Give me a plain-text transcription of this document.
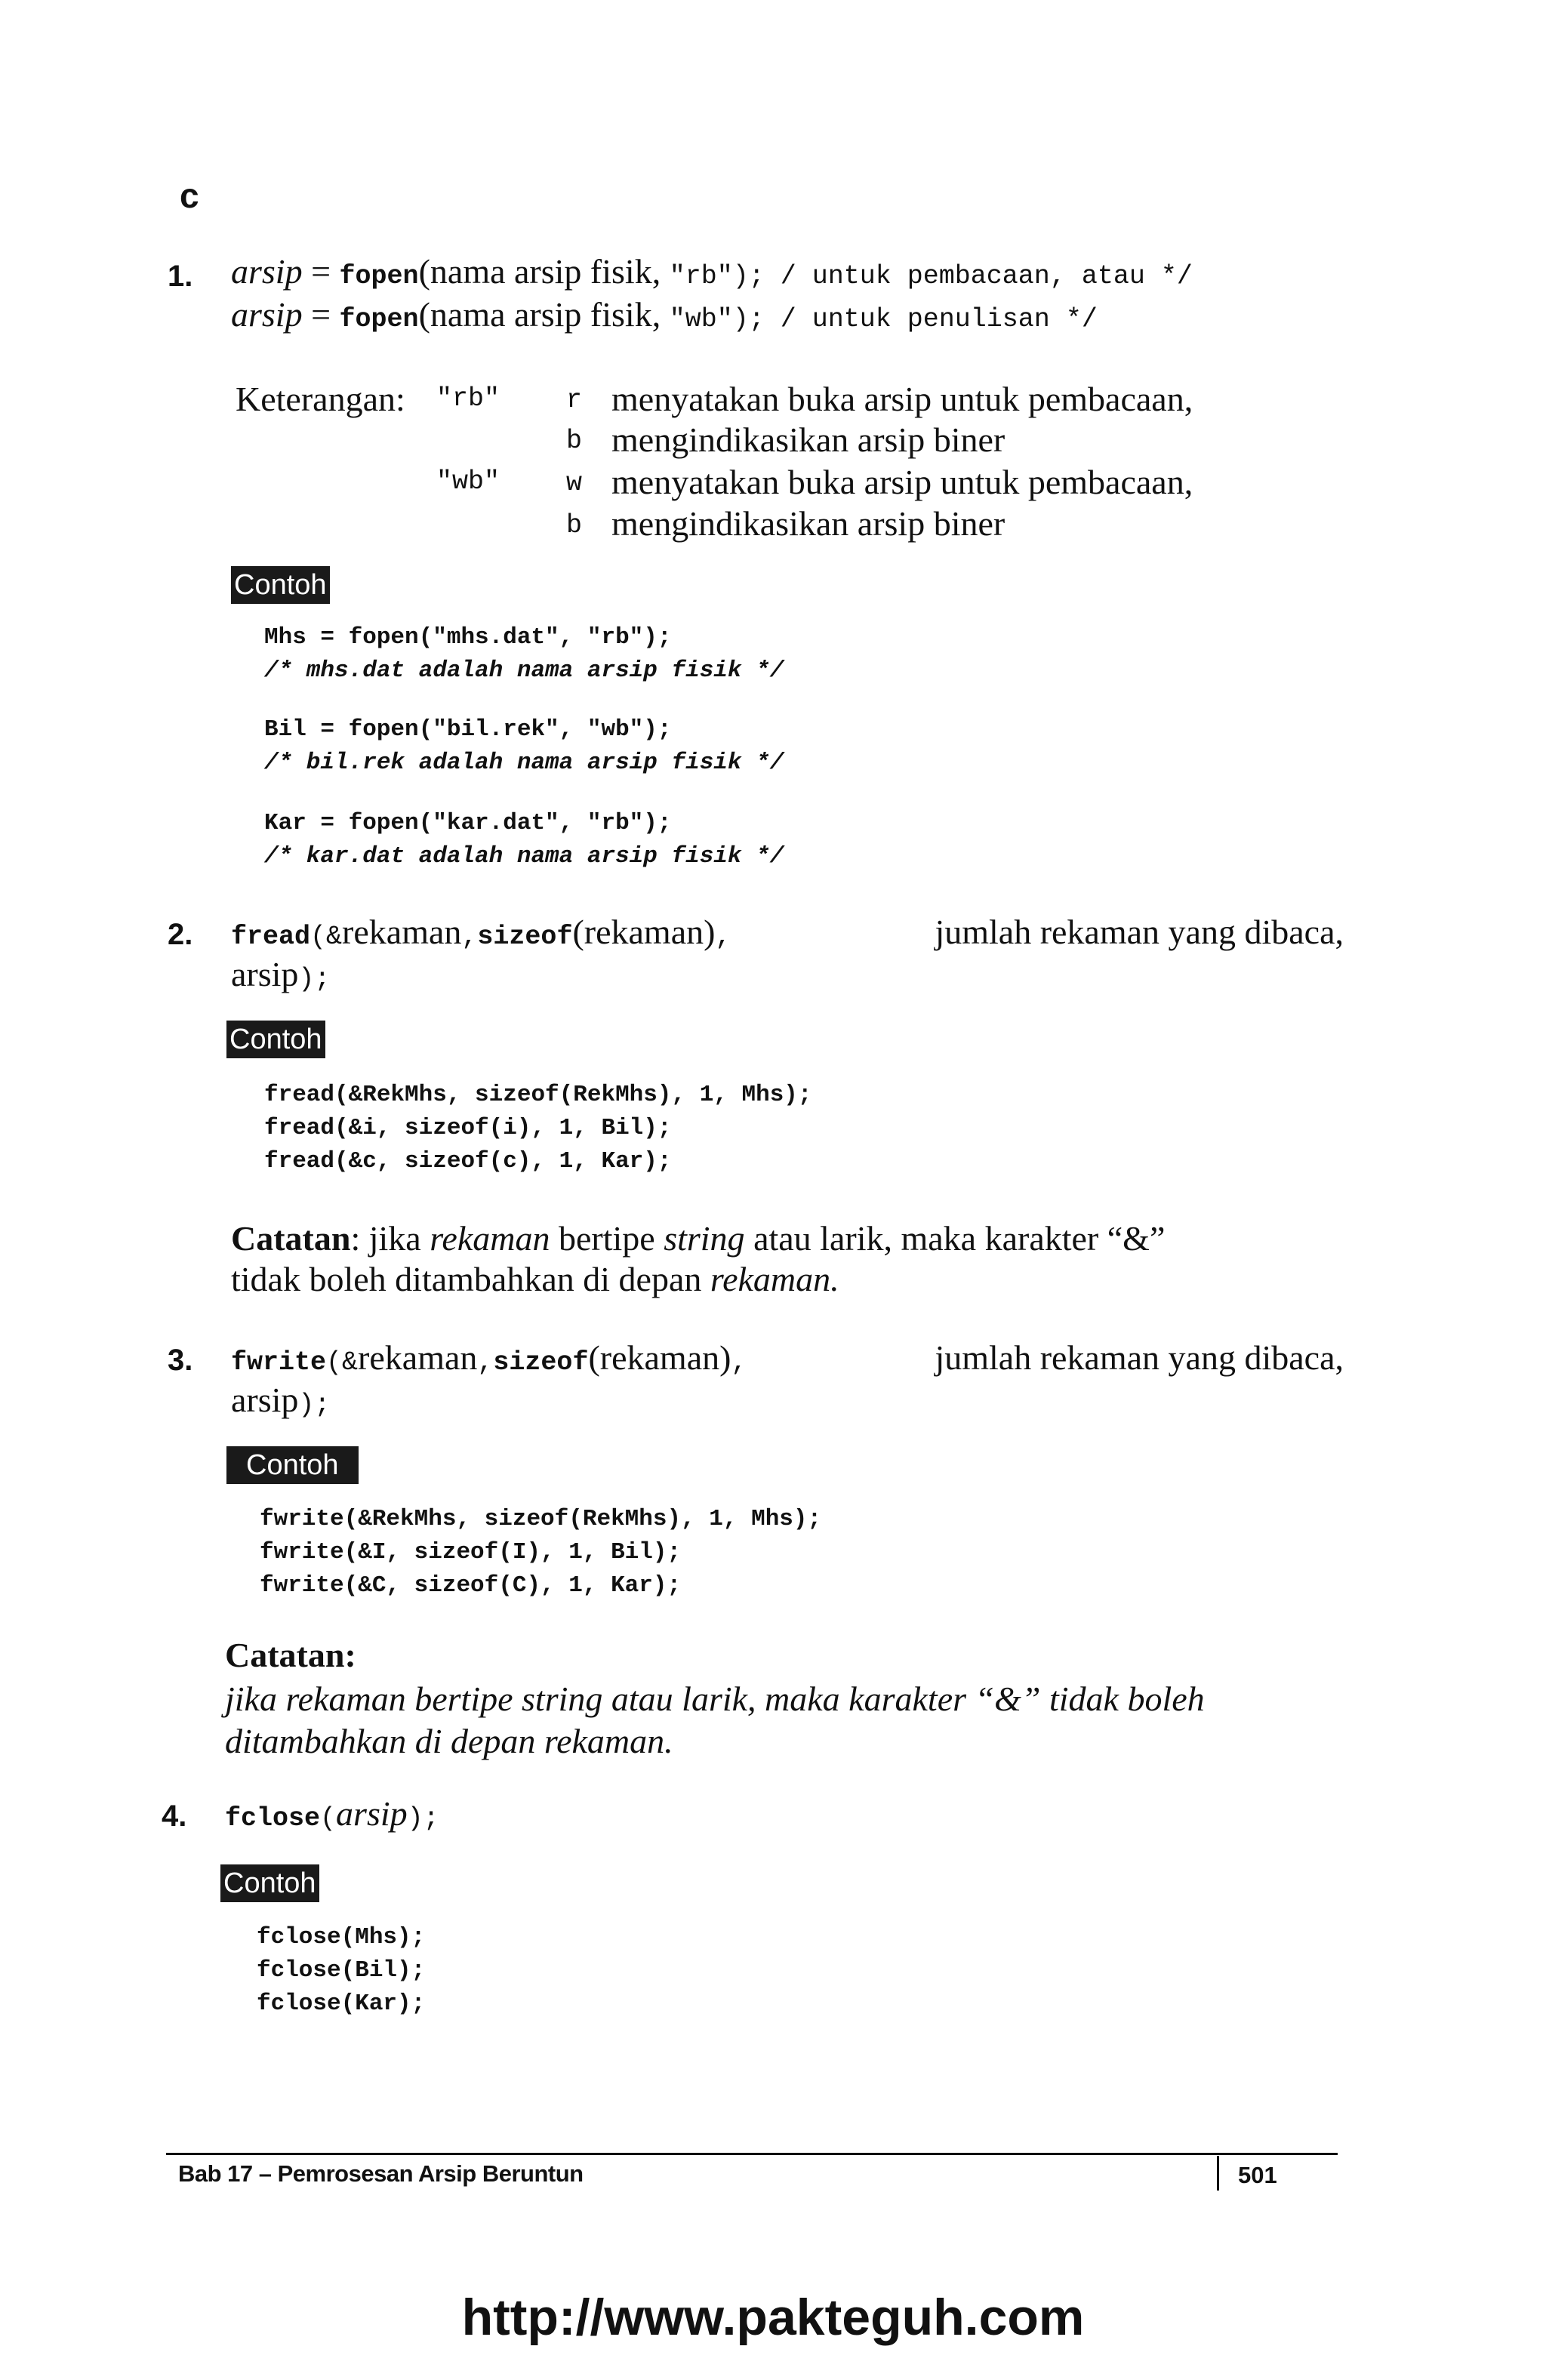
c
1. arsip = fopen(nama arsip fisik, "rb"); / untuk pembacaan, atau */
arsip = fopen(nama arsip fisik, "wb"); / untuk penulisan */
Keterangan: "rb"	r menyatakan buka arsip untuk pembacaan,
b mengindikasikan arsip biner
"wb"	w menyatakan buka arsip untuk pembacaan,
b mengindikasikan arsip biner
Contoh
Mhs = fopen("mhs.dat", "rb");
/* mhs.dat adalah nama arsip fisik */
Bil = fopen("bil.rek", "wb");
/* bil.rek adalah nama arsip fisik */
Kar = fopen("kar.dat", "rb");
/* kar.dat adalah nama arsip fisik */
2. fread(&rekaman,sizeof(rekaman),	jumlah rekaman yang dibaca,
arsip);
Contoh
fread(&RekMhs, sizeof(RekMhs), 1, Mhs);
fread(&i, sizeof(i), 1, Bil);
fread(&c, sizeof(c), 1, Kar);
Catatan: jika rekaman bertipe string atau larik, maka karakter “&”
tidak boleh ditambahkan di depan rekaman.
3. fwrite(&rekaman,sizeof(rekaman),	jumlah rekaman yang dibaca,
arsip);
Contoh
fwrite(&RekMhs, sizeof(RekMhs), 1, Mhs);
fwrite(&I, sizeof(I), 1, Bil);
fwrite(&C, sizeof(C), 1, Kar);
Catatan:
jika rekaman bertipe string atau larik, maka karakter “&” tidak boleh
ditambahkan di depan rekaman.
4. fclose(arsip);
Contoh
fclose(Mhs);
fclose(Bil);
fclose(Kar);
Bab 17 – Pemrosesan Arsip Beruntun	501
http://www.pakteguh.com
